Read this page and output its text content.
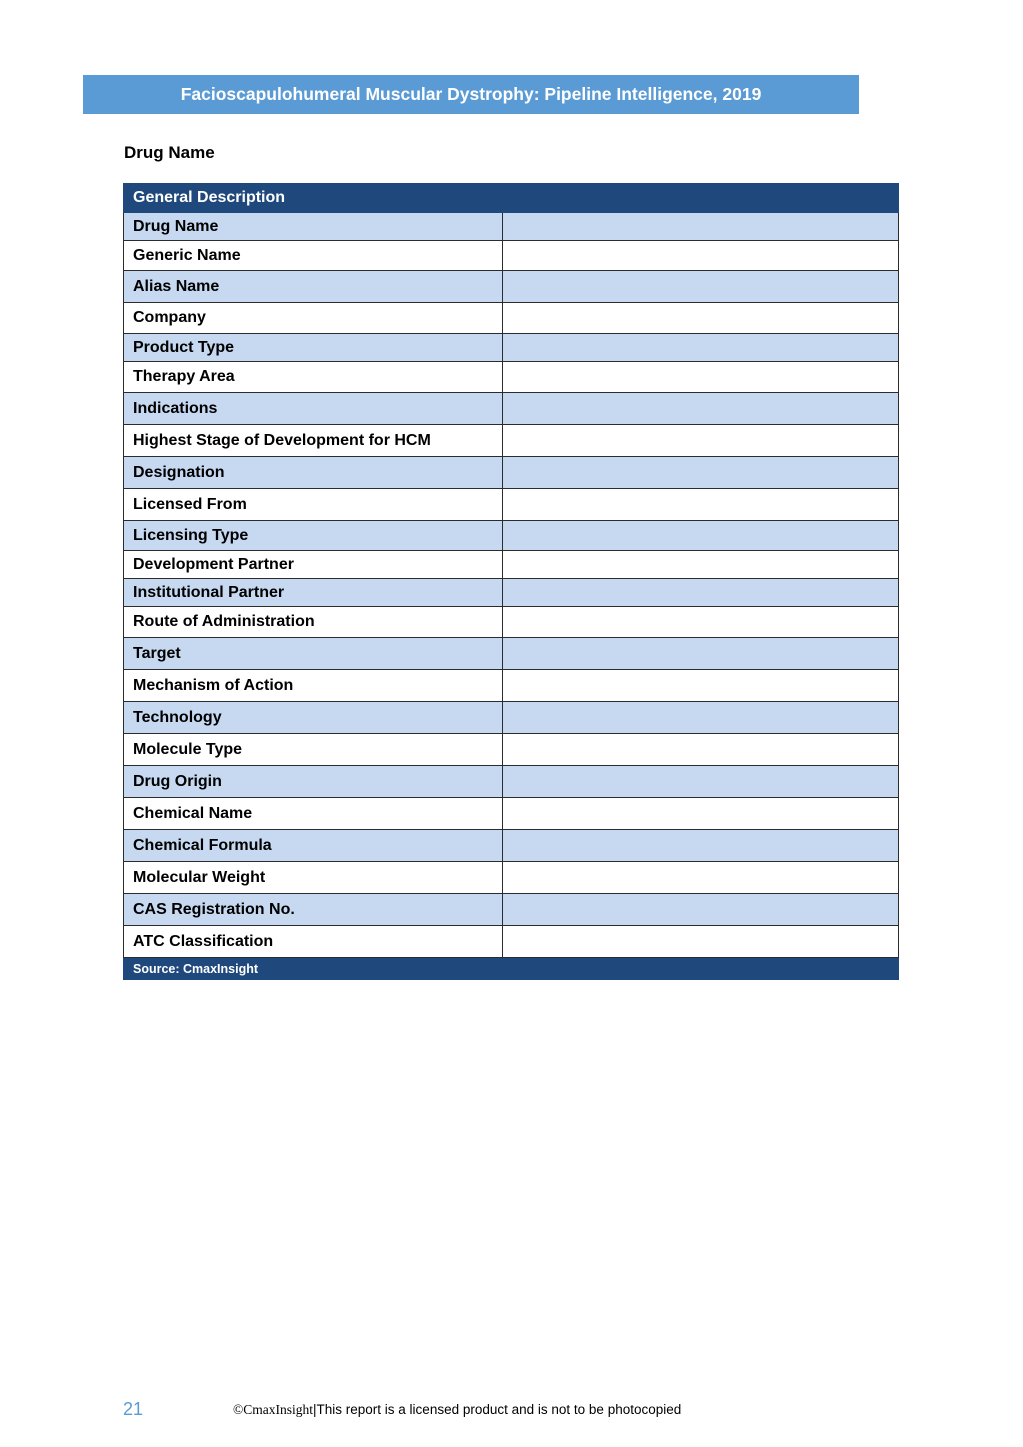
Facioscapulohumeral Muscular Dystrophy: Pipeline Intelligence, 2019
Drug Name
General Description	
Drug Name	
Generic Name	
Alias Name	
Company	
Product Type	
Therapy Area	
Indications	
Highest Stage of Development for HCM	
Designation	
Licensed From	
Licensing Type	
Development Partner	
Institutional Partner	
Route of Administration	
Target	
Mechanism of Action	
Technology	
Molecule Type	
Drug Origin	
Chemical Name	
Chemical Formula	
Molecular Weight	
CAS Registration No.	
ATC Classification	
Source: CmaxInsight	
21	©CmaxInsight|This report is a licensed product and is not to be photocopied
